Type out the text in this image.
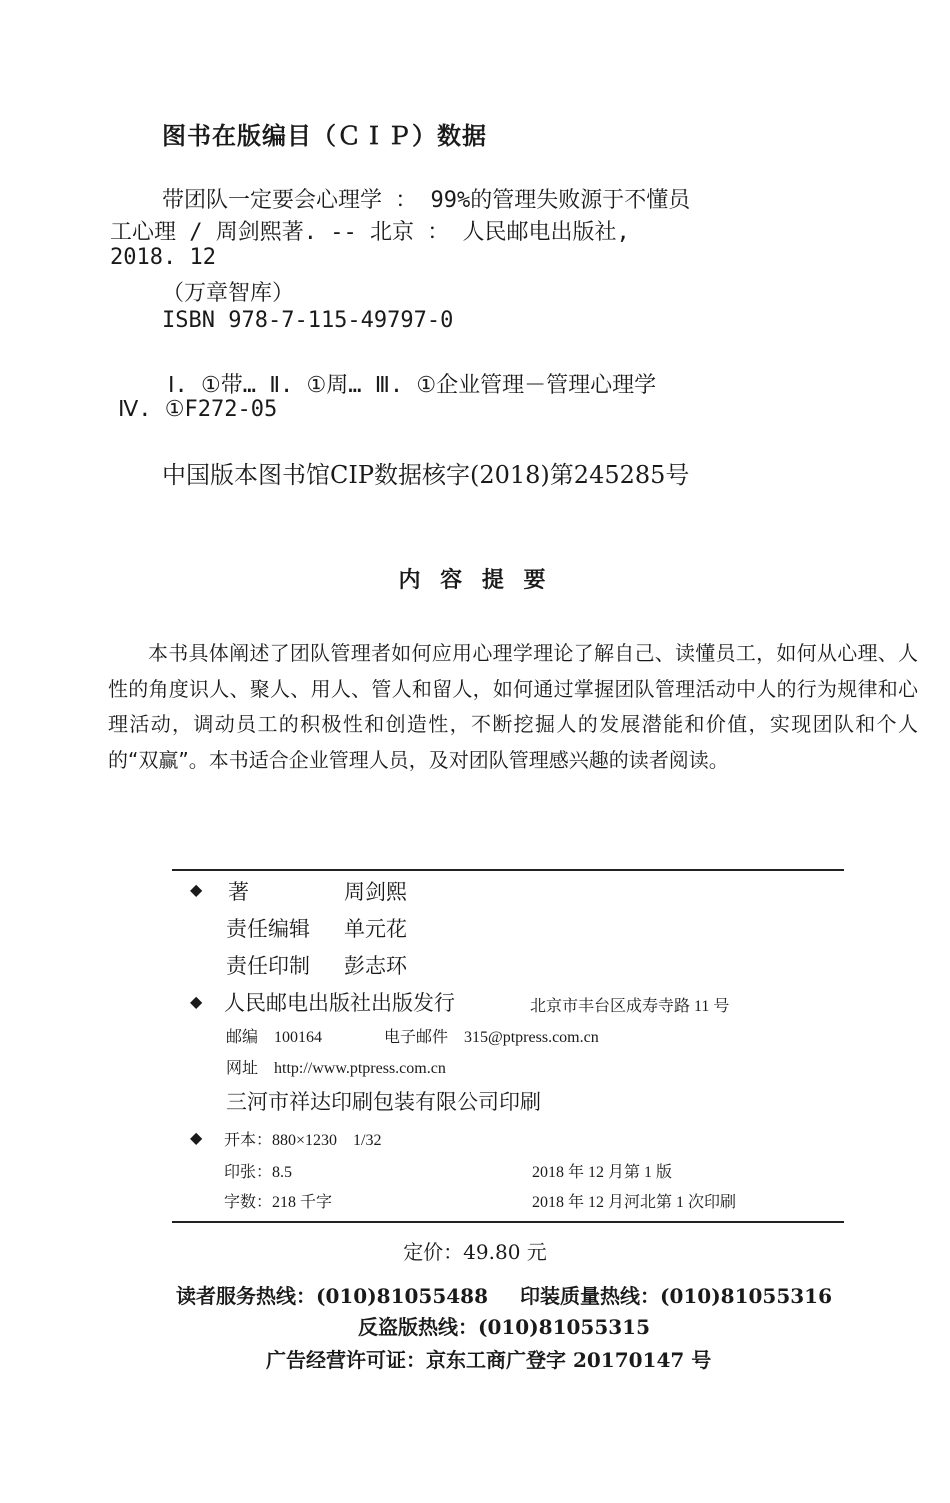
图书在版编目（ＣＩＰ）数据
带团队一定要会心理学 ： 99%的管理失败源于不懂员
工心理 / 周剑熙著. -- 北京 ： 人民邮电出版社,
2018. 12
（万章智库）
ISBN 978-7-115-49797-0
Ⅰ. ①带… Ⅱ. ①周… Ⅲ. ①企业管理－管理心理学
Ⅳ. ①F272-05
中国版本图书馆CIP数据核字(2018)第245285号
内 容 提 要
本书具体阐述了团队管理者如何应用心理学理论了解自己、读懂员工，如何从心理、人性的角度识人、聚人、用人、管人和留人，如何通过掌握团队管理活动中人的行为规律和心理活动，调动员工的积极性和创造性，不断挖掘人的发展潜能和价值，实现团队和个人的“双赢”。本书适合企业管理人员，及对团队管理感兴趣的读者阅读。
◆ 著	周剑熙
责任编辑 单元花
责任印制 彭志环
◆ 人民邮电出版社出版发行	北京市丰台区成寿寺路 11 号
邮编　100164	电子邮件　315@ptpress.com.cn
网址　http://www.ptpress.com.cn
三河市祥达印刷包装有限公司印刷
◆ 开本：880×1230　1/32
印张：8.5	2018 年 12 月第 1 版
字数：218 千字	2018 年 12 月河北第 1 次印刷
定价：49.80 元
读者服务热线：(010)81055488 印装质量热线：(010)81055316
反盗版热线：(010)81055315
广告经营许可证：京东工商广登字 20170147 号
